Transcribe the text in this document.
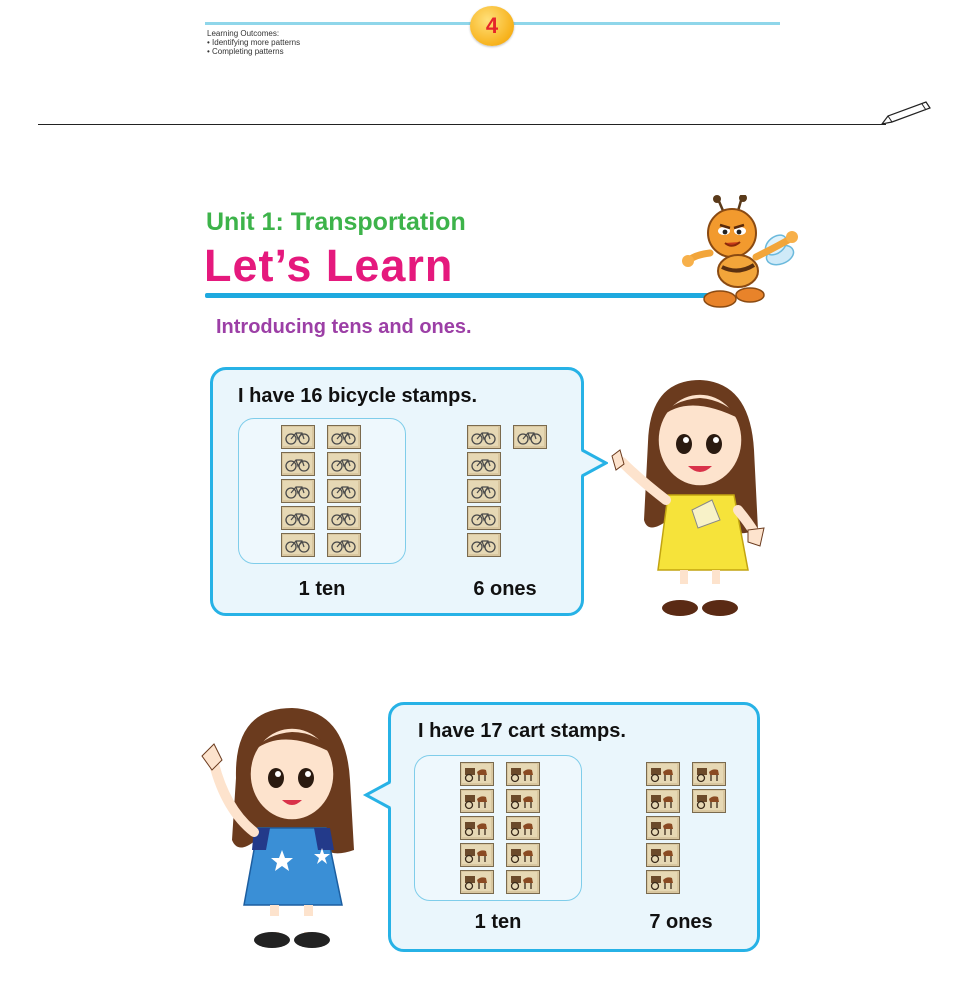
4
Learning Outcomes:
• Identifying more patterns
• Completing patterns
Unit 1: Transportation
Let’s Learn
Introducing tens and ones.
I have 16 bicycle stamps.
1 ten	6 ones
I have 17 cart stamps.
1 ten	7 ones
